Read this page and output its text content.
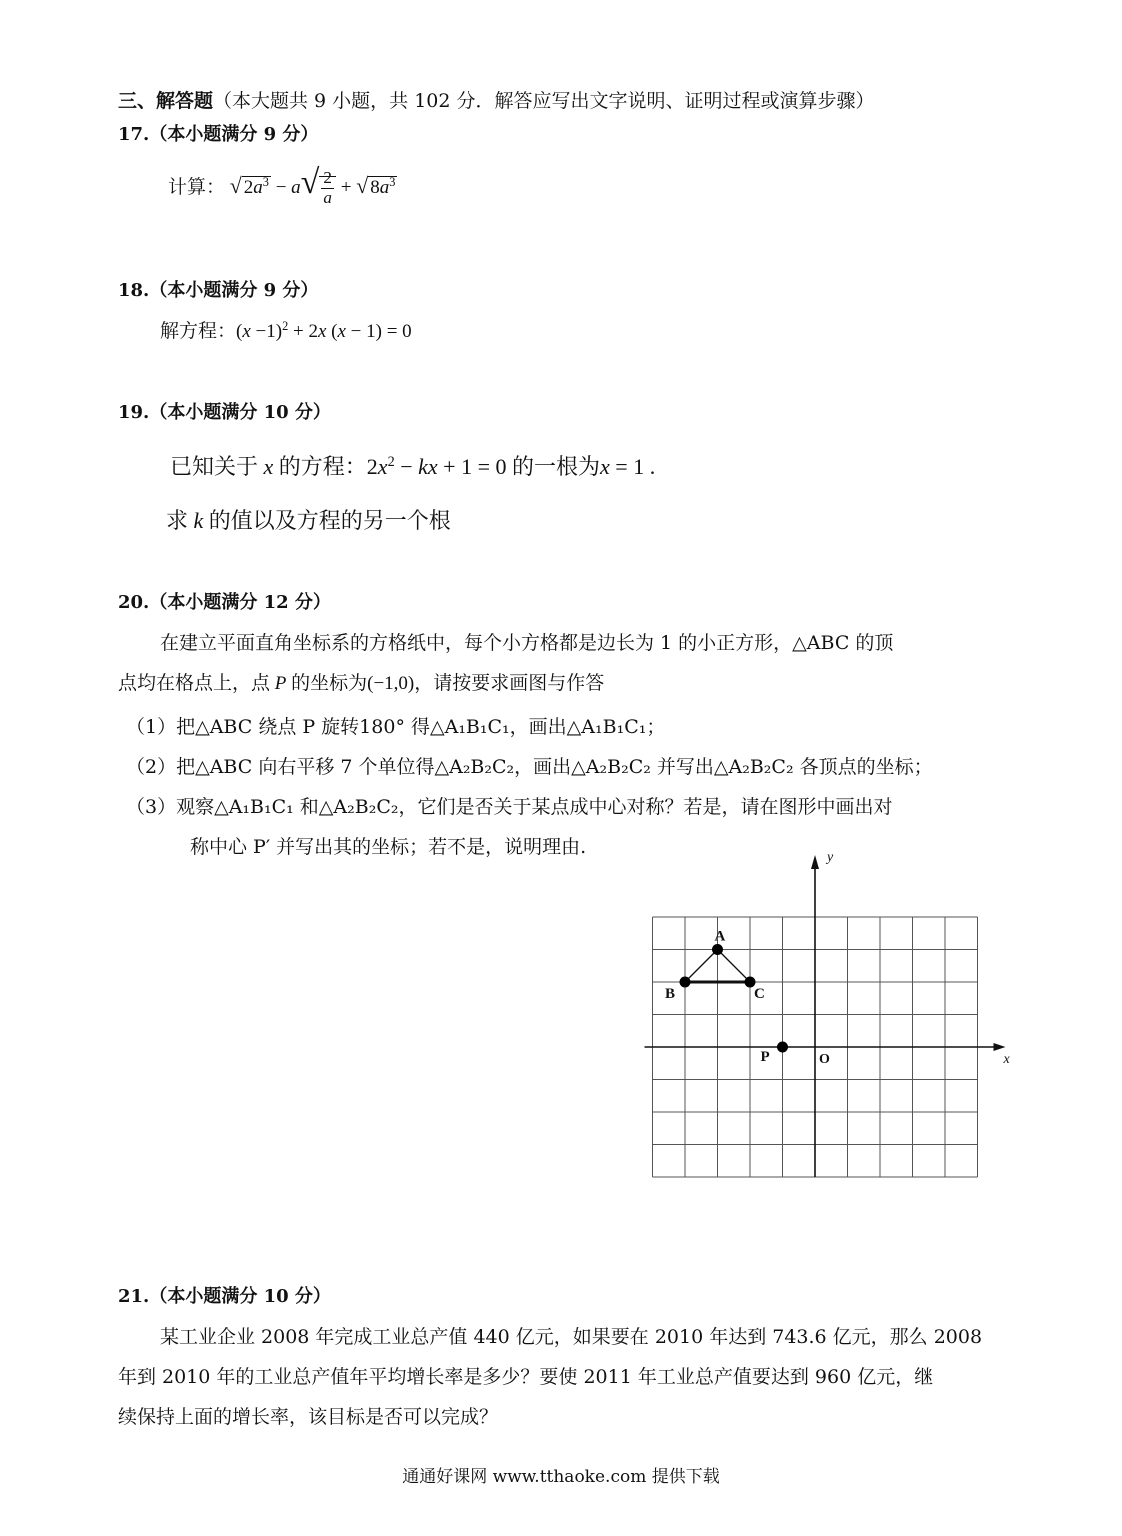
三、解答题（本大题共 9 小题，共 102 分．解答应写出文字说明、证明过程或演算步骤）
17.（本小题满分 9 分）
计算： √ $2a^3 - a√ \frac{2}{a}$ + √ $8a^3$
18.（本小题满分 9 分）
解方程：$(x -1)^2 + 2x$ (x − 1) = 0
19.（本小题满分 10 分）
已知关于 x 的方程：$2x^2$ − kx + 1 = 0 的一根为x = 1 .
求 k 的值以及方程的另一个根
20.（本小题满分 12 分）
在建立平面直角坐标系的方格纸中，每个小方格都是边长为 1 的小正方形，△ABC 的顶
点均在格点上，点 P 的坐标为(−1,0)，请按要求画图与作答
（1）把△ABC 绕点 P 旋转180° 得△A₁B₁C₁，画出△A₁B₁C₁；
（2）把△ABC 向右平移 7 个单位得△A₂B₂C₂，画出△A₂B₂C₂ 并写出△A₂B₂C₂ 各顶点的坐标；
（3）观察△A₁B₁C₁ 和△A₂B₂C₂，它们是否关于某点成中心对称？若是，请在图形中画出对
称中心 P′ 并写出其的坐标；若不是，说明理由.
x
y
O
A
B	C
P
21.（本小题满分 10 分）
某工业企业 2008 年完成工业总产值 440 亿元，如果要在 2010 年达到 743.6 亿元，那么 2008
年到 2010 年的工业总产值年平均增长率是多少？要使 2011 年工业总产值要达到 960 亿元，继
续保持上面的增长率，该目标是否可以完成？
通通好课网 www.tthaoke.com 提供下载
